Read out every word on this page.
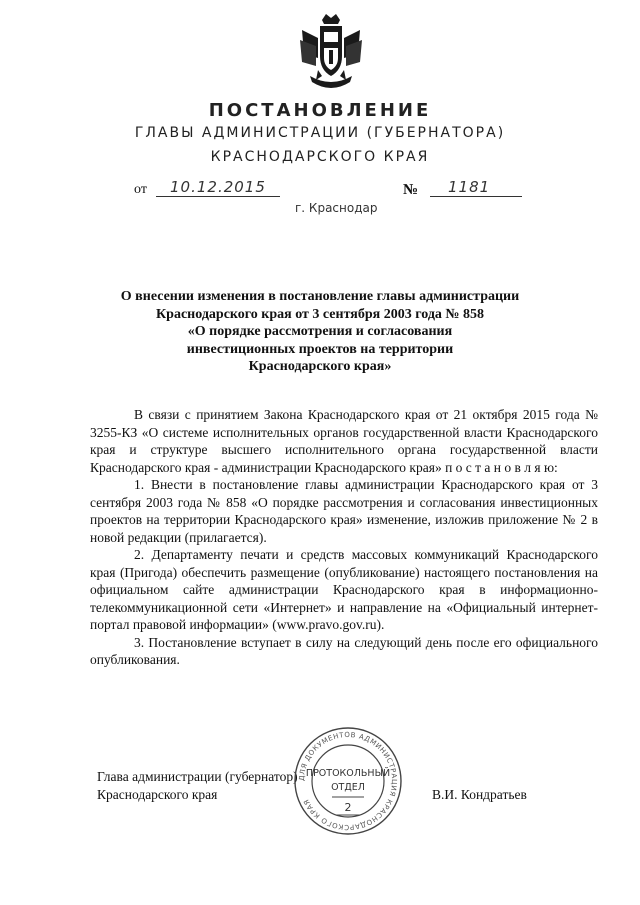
ПОСТАНОВЛЕНИЕ
ГЛАВЫ АДМИНИСТРАЦИИ (ГУБЕРНАТОРА)
КРАСНОДАРСКОГО КРАЯ
от 10.12.2015	№ 1181
г. Краснодар
О внесении изменения в постановление главы администрации
Краснодарского края от 3 сентября 2003 года № 858
«О порядке рассмотрения и согласования
инвестиционных проектов на территории
Краснодарского края»

В связи с принятием Закона Краснодарского края от 21 октября 2015 года № 3255-КЗ «О системе исполнительных органов государственной власти Краснодарского края и структуре высшего исполнительного органа государственной власти Краснодарского края - администрации Краснодарского края» п о с т а н о в л я ю:

1. Внести в постановление главы администрации Краснодарского края от 3 сентября 2003 года № 858 «О порядке рассмотрения и согласования инвестиционных проектов на территории Краснодарского края» изменение, изложив приложение № 2 в новой редакции (прилагается).

2. Департаменту печати и средств массовых коммуникаций Краснодарского края (Пригода) обеспечить размещение (опубликование) настоящего постановления на официальном сайте администрации Краснодарского края в информационно-телекоммуникационной сети «Интернет» и направление на «Официальный интернет-портал правовой информации» (www.pravo.gov.ru).

3. Постановление вступает в силу на следующий день после его официального опубликования.

Глава администрации (губернатор)
Краснодарского края	В.И. Кондратьев
ДЛЯ ДОКУМЕНТОВ АДМИНИСТРАЦИЯ КРАСНОДАРСКОГО КРАЯ
ПРОТОКОЛЬНЫЙ
ОТДЕЛ
2
